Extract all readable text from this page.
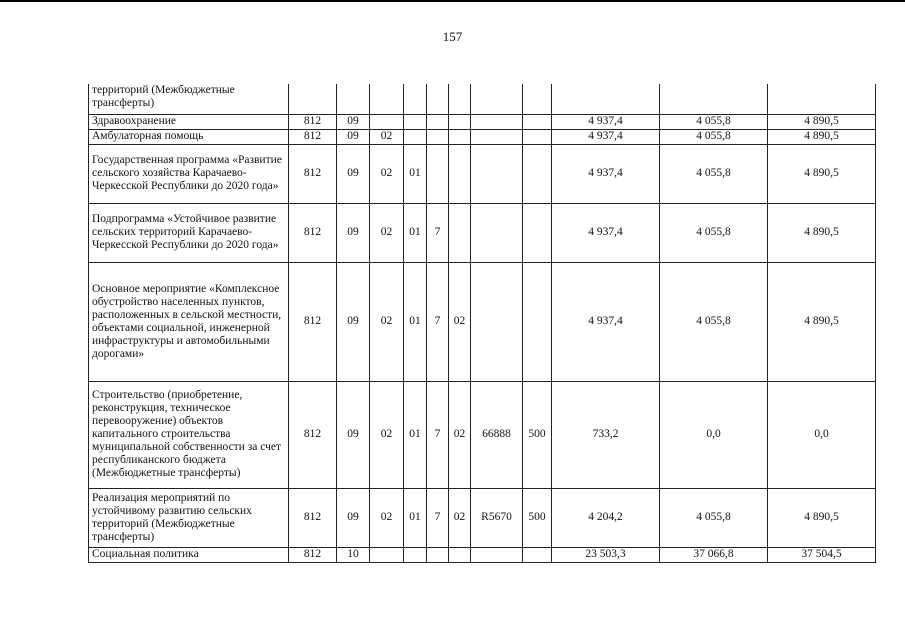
157
территорий (Межбюджетные трансферты)											
Здравоохранение	812	09							4 937,4	4 055,8	4 890,5
Амбулаторная помощь	812	09	02						4 937,4	4 055,8	4 890,5
Государственная программа «Развитие сельского хозяйства Карачаево-Черкесской Республики до 2020 года»	812	09	02	01					4 937,4	4 055,8	4 890,5
Подпрограмма «Устойчивое развитие сельских территорий Карачаево-Черкесской Республики до 2020 года»	812	09	02	01	7				4 937,4	4 055,8	4 890,5
Основное мероприятие «Комплексное обустройство населенных пунктов, расположенных в сельской местности, объектами социальной, инженерной инфраструктуры и автомобильными дорогами»	812	09	02	01	7	02			4 937,4	4 055,8	4 890,5
Строительство (приобретение, реконструкция, техническое перевооружение) объектов капитального строительства муниципальной собственности за счет республиканского бюджета (Межбюджетные трансферты)	812	09	02	01	7	02	66888	500	733,2	0,0	0,0
Реализация мероприятий по устойчивому развитию сельских территорий (Межбюджетные трансферты)	812	09	02	01	7	02	R5670	500	4 204,2	4 055,8	4 890,5
Социальная политика	812	10							23 503,3	37 066,8	37 504,5
